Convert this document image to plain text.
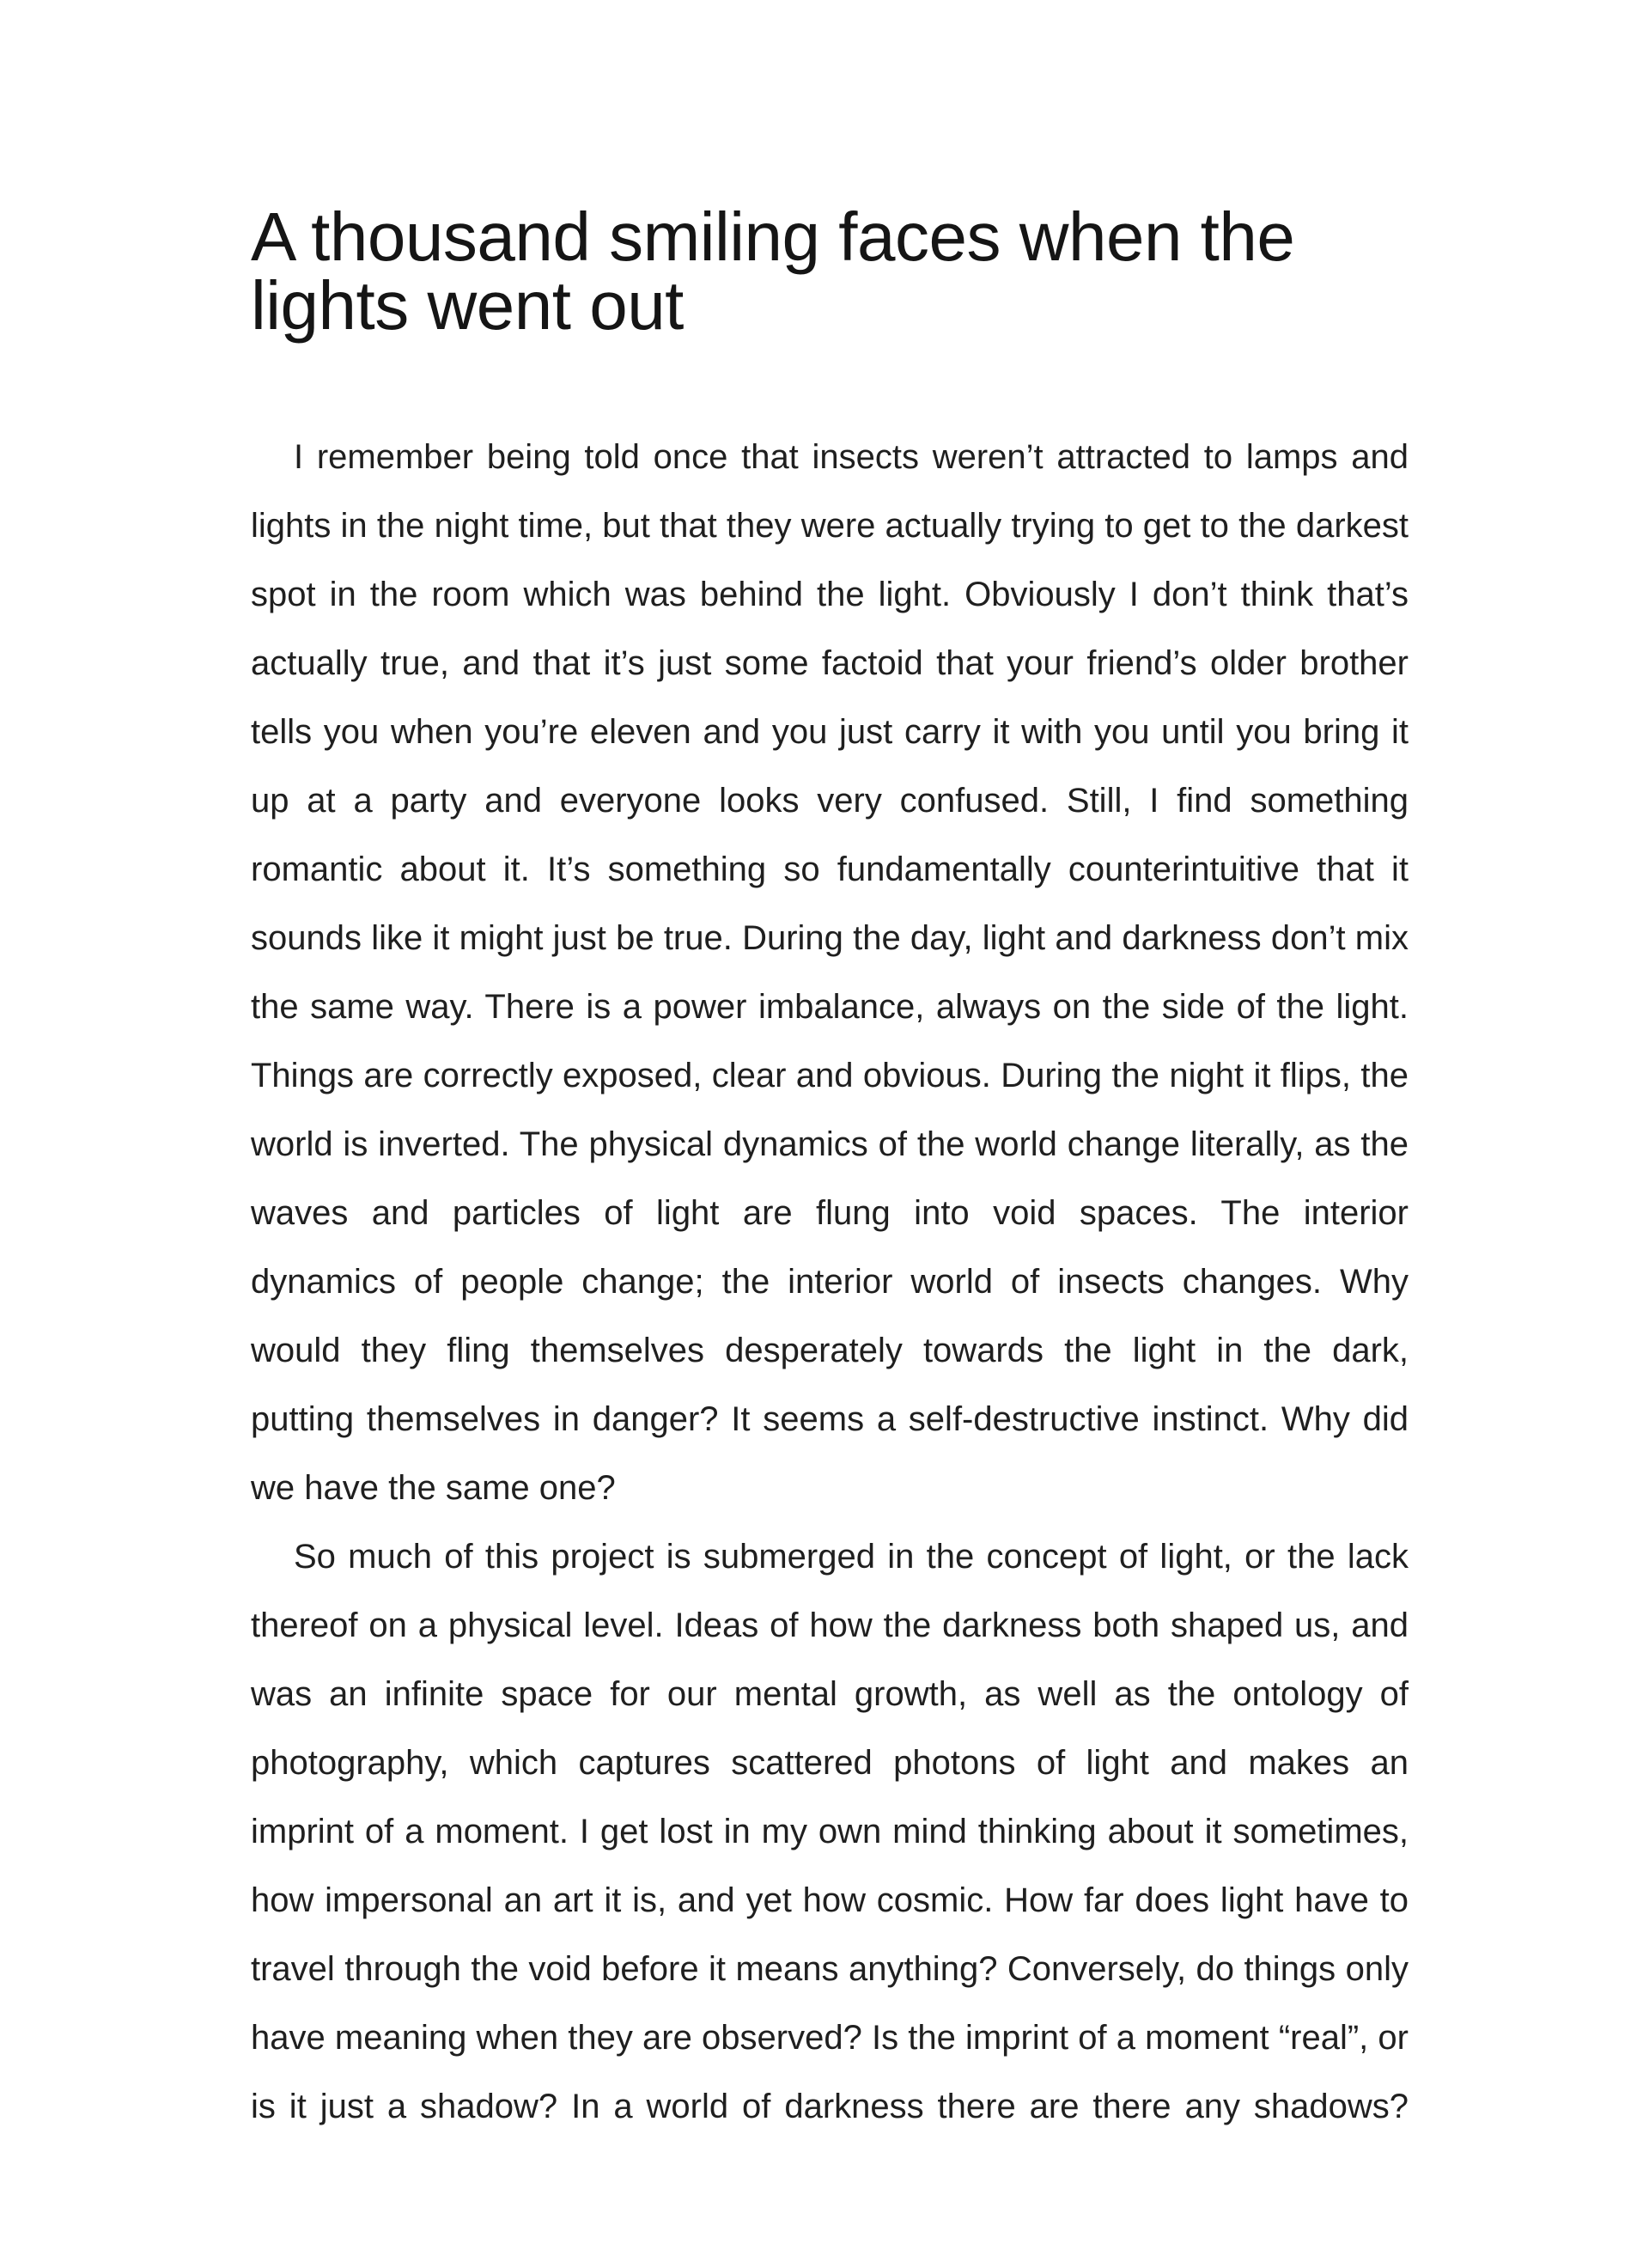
A thousand smiling faces when the lights went out

I remember being told once that insects weren’t attracted to lamps and lights in the night time, but that they were actually trying to get to the darkest spot in the room which was behind the light. Obviously I don’t think that’s actually true, and that it’s just some factoid that your friend’s older brother tells you when you’re eleven and you just carry it with you until you bring it up at a party and everyone looks very confused. Still, I find something romantic about it. It’s something so fundamentally counterintuitive that it sounds like it might just be true. During the day, light and darkness don’t mix the same way. There is a power imbalance, always on the side of the light. Things are correctly exposed, clear and obvious. During the night it flips, the world is inverted. The physical dynamics of the world change literally, as the waves and particles of light are flung into void spaces. The interior dynamics of people change; the interior world of insects changes. Why would they fling themselves desperately towards the light in the dark, putting themselves in danger? It seems a self-destructive instinct. Why did we have the same one?

So much of this project is submerged in the concept of light, or the lack thereof on a physical level. Ideas of how the darkness both shaped us, and was an infinite space for our mental growth, as well as the ontology of photography, which captures scattered photons of light and makes an imprint of a moment. I get lost in my own mind thinking about it sometimes, how impersonal an art it is, and yet how cosmic. How far does light have to travel through the void before it means anything? Conversely, do things only have meaning when they are observed? Is the imprint of a moment “real”, or is it just a shadow? In a world of darkness there are there any shadows?
